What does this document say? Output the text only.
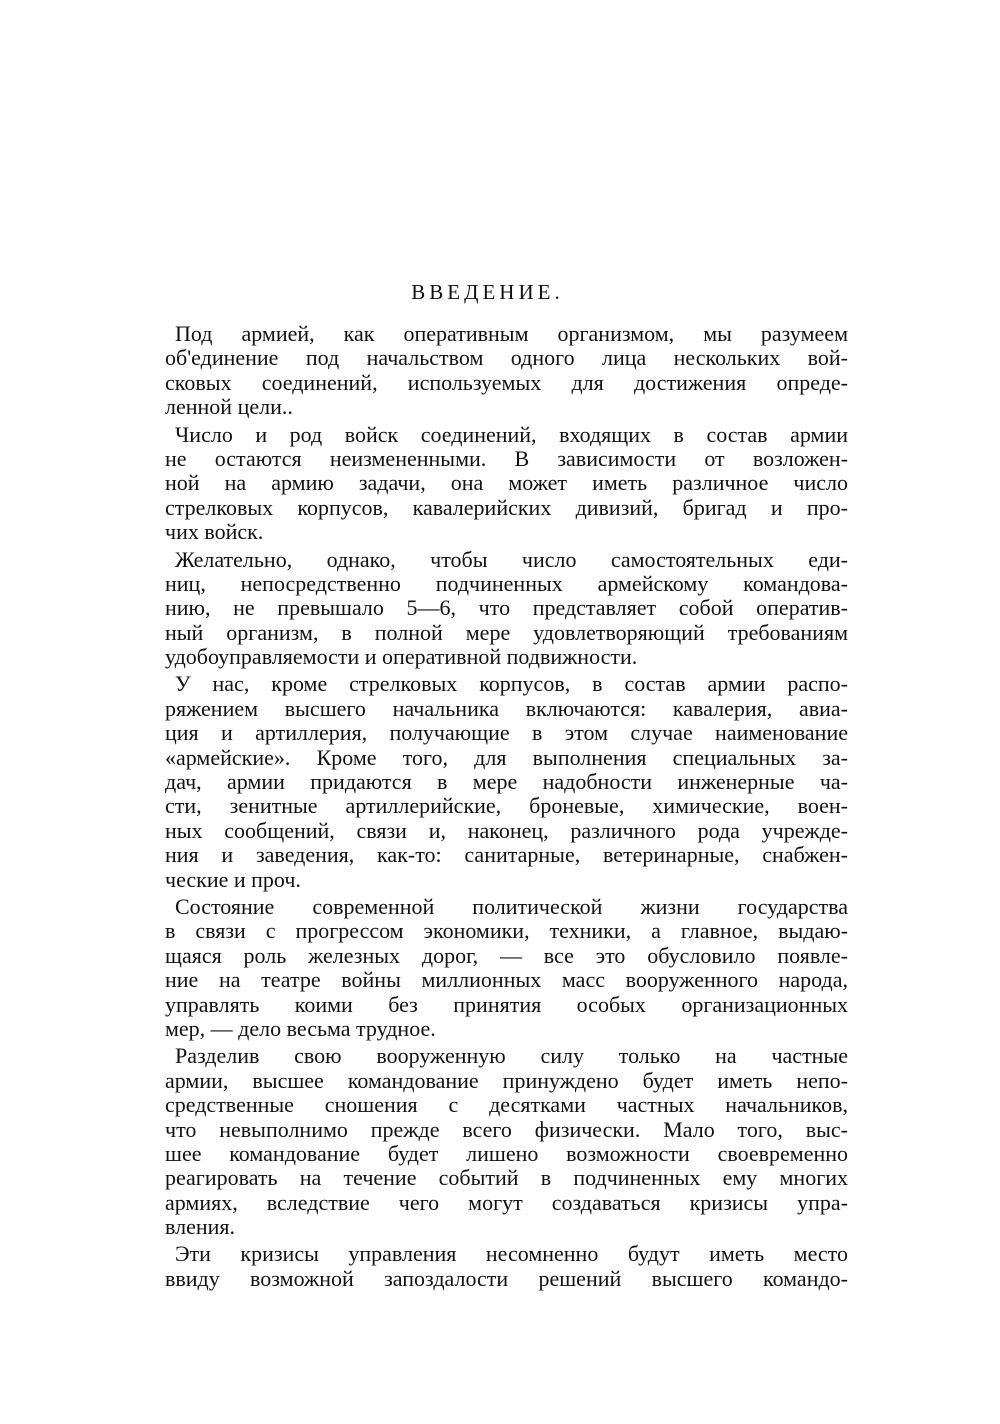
ВВЕДЕНИЕ.
Под армией, как оперативным организмом, мы разумеем
об'единение под начальством одного лица нескольких вой-
сковых соединений, используемых для достижения опреде-
ленной цели..
Число и род войск соединений, входящих в состав армии
не остаются неизмененными. В зависимости от возложен-
ной на армию задачи, она может иметь различное число
стрелковых корпусов, кавалерийских дивизий, бригад и про-
чих войск.
Желательно, однако, чтобы число самостоятельных еди-
ниц, непосредственно подчиненных армейскому командова-
нию, не превышало 5—6, что представляет собой оператив-
ный организм, в полной мере удовлетворяющий требованиям
удобоуправляемости и оперативной подвижности.
У нас, кроме стрелковых корпусов, в состав армии распо-
ряжением высшего начальника включаются: кавалерия, авиа-
ция и артиллерия, получающие в этом случае наименование
«армейские». Кроме того, для выполнения специальных за-
дач, армии придаются в мере надобности инженерные ча-
сти, зенитные артиллерийские, броневые, химические, воен-
ных сообщений, связи и, наконец, различного рода учрежде-
ния и заведения, как-то: санитарные, ветеринарные, снабжен-
ческие и проч.
Состояние современной политической жизни государства
в связи с прогрессом экономики, техники, а главное, выдаю-
щаяся роль железных дорог, — все это обусловило появле-
ние на театре войны миллионных масс вооруженного народа,
управлять коими без принятия особых организационных
мер, — дело весьма трудное.
Разделив свою вооруженную силу только на частные
армии, высшее командование принуждено будет иметь непо-
средственные сношения с десятками частных начальников,
что невыполнимо прежде всего физически. Мало того, выс-
шее командование будет лишено возможности своевременно
реагировать на течение событий в подчиненных ему многих
армиях, вследствие чего могут создаваться кризисы упра-
вления.
Эти кризисы управления несомненно будут иметь место
ввиду возможной запоздалости решений высшего командо-
